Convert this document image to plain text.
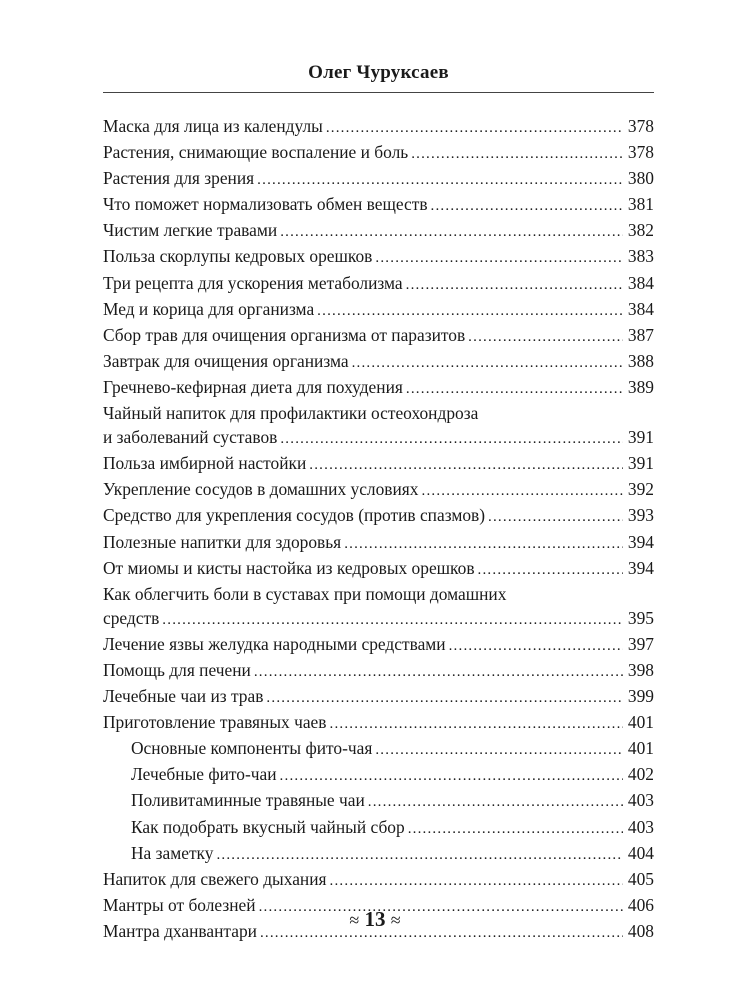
Олег Чуруксаев
Маска для лица из календулы .....	378
Растения, снимающие воспаление и боль .....	378
Растения для зрения .....	380
Что поможет нормализовать обмен веществ .....	381
Чистим легкие травами .....	382
Польза скорлупы кедровых орешков .....	383
Три рецепта для ускорения метаболизма .....	384
Мед и корица для организма .....	384
Сбор трав для очищения организма от паразитов .....	387
Завтрак для очищения организма .....	388
Гречнево-кефирная диета для похудения .....	389
Чайный напиток для профилактики остеохондроза
и заболеваний суставов .....	391
Польза имбирной настойки .....	391
Укрепление сосудов в домашних условиях .....	392
Средство для укрепления сосудов (против спазмов) .....	393
Полезные напитки для здоровья .....	394
От миомы и кисты настойка из кедровых орешков .....	394
Как облегчить боли в суставах при помощи домашних
средств .....	395
Лечение язвы желудка народными средствами .....	397
Помощь для печени .....	398
Лечебные чаи из трав .....	399
Приготовление травяных чаев .....	401
Основные компоненты фито-чая .....	401
Лечебные фито-чаи .....	402
Поливитаминные травяные чаи .....	403
Как подобрать вкусный чайный сбор .....	403
На заметку .....	404
Напиток для свежего дыхания .....	405
Мантры от болезней .....	406
Мантра дханвантари .....	408
≈ 13 ≈
